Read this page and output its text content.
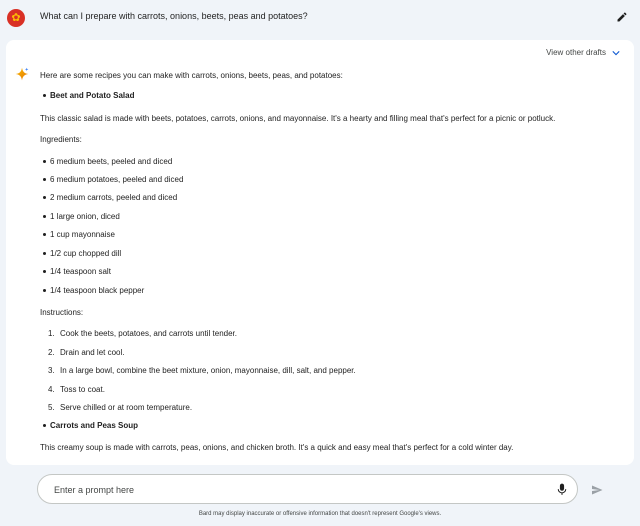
✿	What can I prepare with carrots, onions, beets, peas and potatoes?
View other drafts

Here are some recipes you can make with carrots, onions, beets, peas, and potatoes:

Beet and Potato Salad

This classic salad is made with beets, potatoes, carrots, onions, and mayonnaise. It's a hearty and filling meal that's perfect for a picnic or potluck.

Ingredients:

6 medium beets, peeled and diced
6 medium potatoes, peeled and diced
2 medium carrots, peeled and diced
1 large onion, diced
1 cup mayonnaise
1/2 cup chopped dill
1/4 teaspoon salt
1/4 teaspoon black pepper

Instructions:

1. Cook the beets, potatoes, and carrots until tender.
2. Drain and let cool.
3. In a large bowl, combine the beet mixture, onion, mayonnaise, dill, salt, and pepper.
4. Toss to coat.
5. Serve chilled or at room temperature.
Carrots and Peas Soup

This creamy soup is made with carrots, peas, onions, and chicken broth. It's a quick and easy meal that's perfect for a cold winter day.

Enter a prompt here
Bard may display inaccurate or offensive information that doesn't represent Google's views.
